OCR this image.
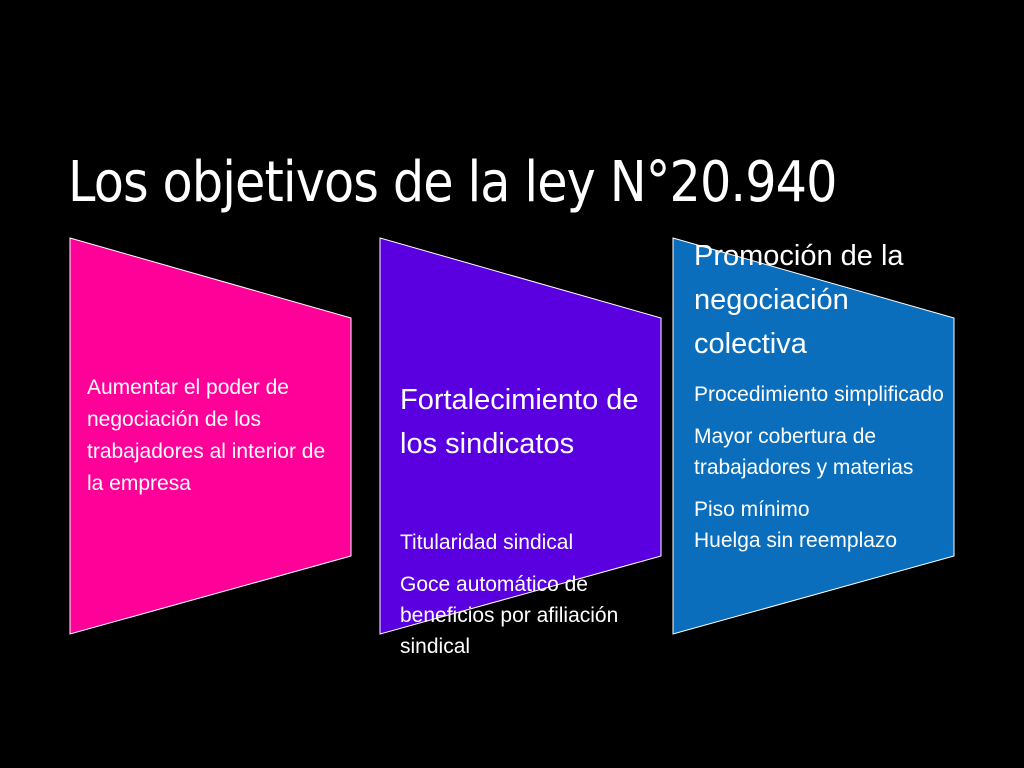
Los objetivos de la ley N°20.940
Aumentar el poder de negociación de los trabajadores al interior de la empresa
Fortalecimiento de los sindicatos
Titularidad sindical
Goce automático de beneficios por afiliación sindical
Promoción de la negociación colectiva
Procedimiento simplificado
Mayor cobertura de trabajadores y materias
Piso mínimo
Huelga sin reemplazo
